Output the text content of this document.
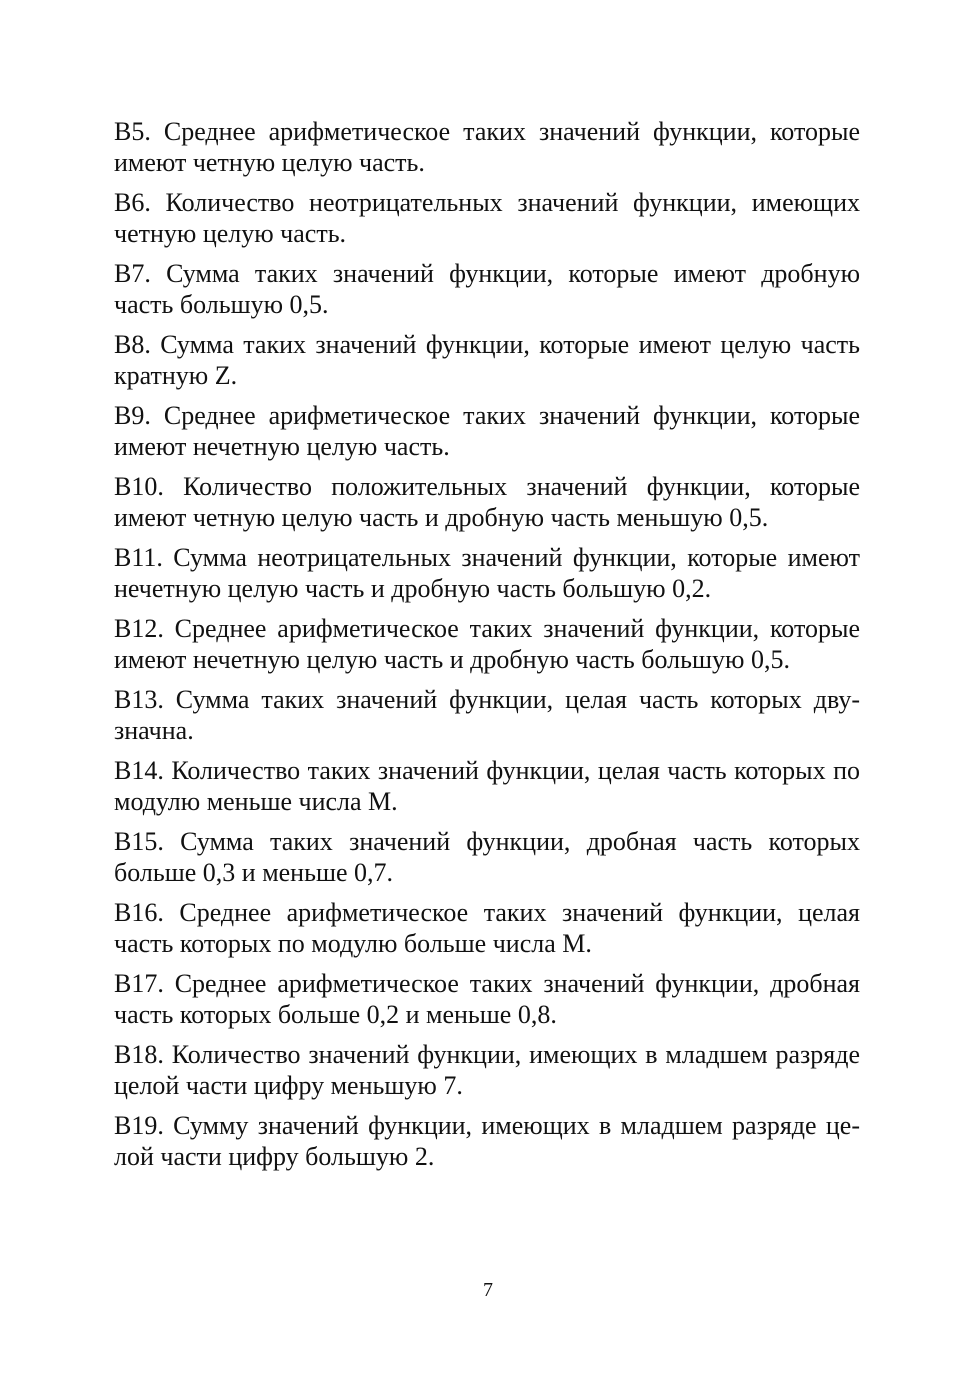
В5. Среднее арифметическое таких значений функции, которые имеют четную целую часть.

В6. Количество неотрицательных значений функции, имеющих четную целую часть.

В7. Сумма таких значений функции, которые имеют дробную часть большую 0,5.

В8. Сумма таких значений функции, которые имеют целую часть кратную Z.

В9. Среднее арифметическое таких значений функции, которые имеют нечетную целую часть.

В10. Количество положительных значений функции, которые имеют четную целую часть и дробную часть меньшую 0,5.

В11. Сумма неотрицательных значений функции, которые имеют нечетную целую часть и дробную часть большую 0,2.

В12. Среднее арифметическое таких значений функции, которые имеют нечетную целую часть и дробную часть большую 0,5.

В13. Сумма таких значений функции, целая часть которых дву-значна.

В14. Количество таких значений функции, целая часть которых по модулю меньше числа M.

В15. Сумма таких значений функции, дробная часть которых больше 0,3 и меньше 0,7.

В16. Среднее арифметическое таких значений функции, целая часть которых по модулю больше числа M.

В17. Среднее арифметическое таких значений функции, дробная часть которых больше 0,2 и меньше 0,8.

В18. Количество значений функции, имеющих в младшем разряде целой части цифру меньшую 7.

В19. Сумму значений функции, имеющих в младшем разряде це-лой части цифру большую 2.

7
